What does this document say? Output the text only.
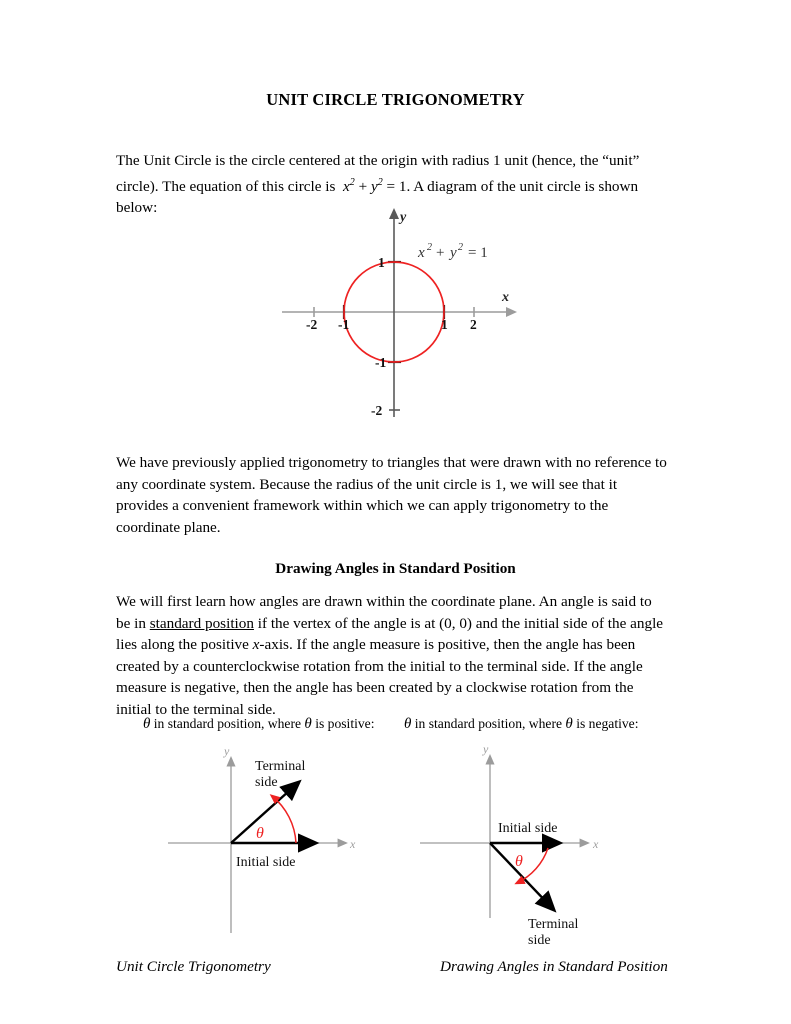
UNIT CIRCLE TRIGONOMETRY
The Unit Circle is the circle centered at the origin with radius 1 unit (hence, the “unit” circle). The equation of this circle is $x^2 + y^2 = 1$. A diagram of the unit circle is shown below:
-2 -1	1 2
1
-1
-2
x
y
x 2 + y 2 = 1
We have previously applied trigonometry to triangles that were drawn with no reference to any coordinate system. Because the radius of the unit circle is 1, we will see that it provides a convenient framework within which we can apply trigonometry to the coordinate plane.
Drawing Angles in Standard Position
We will first learn how angles are drawn within the coordinate plane. An angle is said to be in standard position if the vertex of the angle is at (0, 0) and the initial side of the angle lies along the positive x-axis. If the angle measure is positive, then the angle has been created by a counterclockwise rotation from the initial to the terminal side. If the angle measure is negative, then the angle has been created by a clockwise rotation from the initial to the terminal side.
θ in standard position, where θ is positive: θ in standard position, where θ is negative:
θ
x
y
Terminal
side
Initial side	θ
x
y
Initial side
Terminal
side
Unit Circle Trigonometry	Drawing Angles in Standard Position
